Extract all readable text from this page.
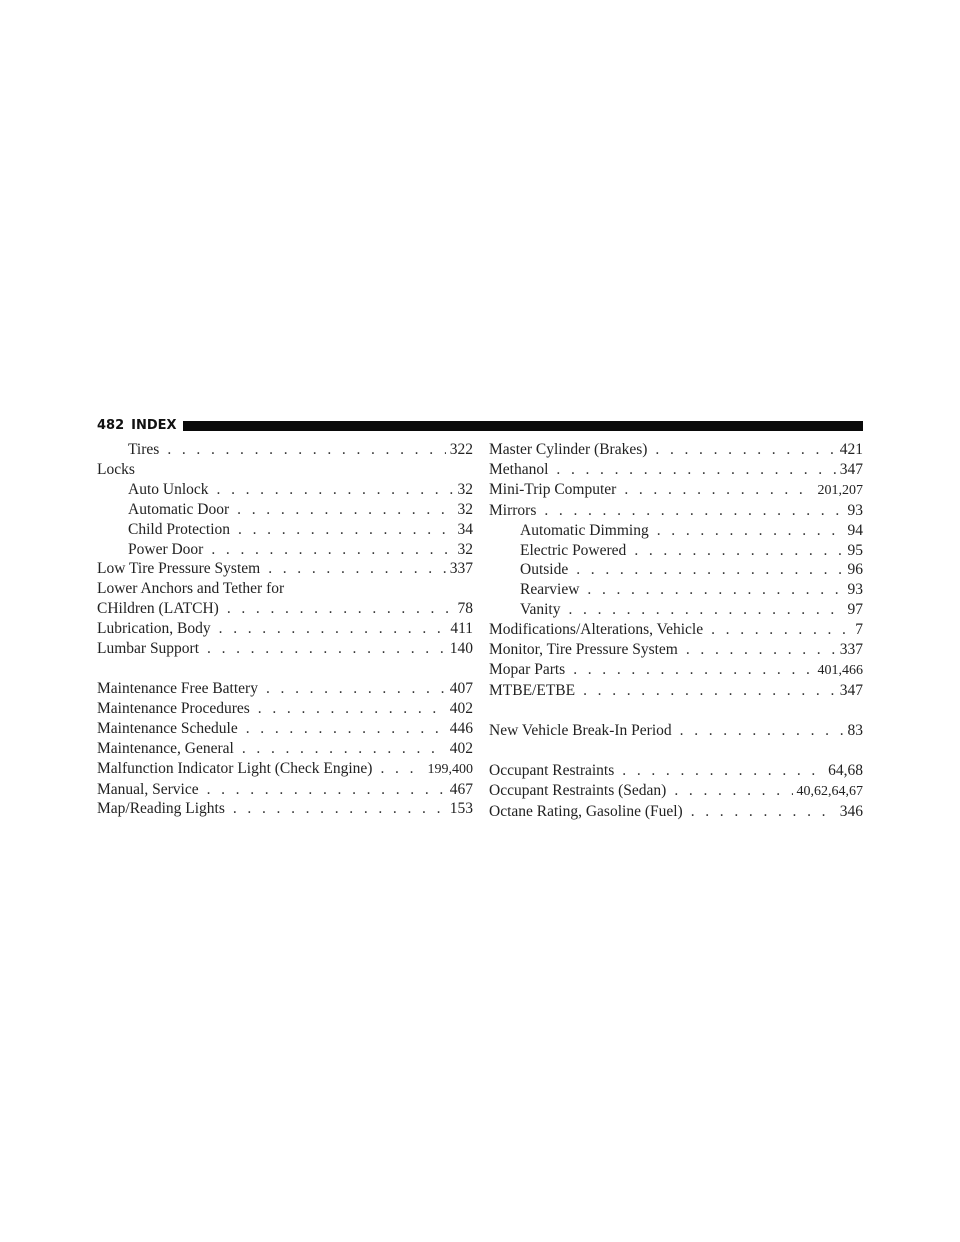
482 INDEX
Tires . . .	322
Locks
Auto Unlock . . .	32
Automatic Door . . .	32
Child Protection . . .	34
Power Door . . .	32
Low Tire Pressure System . . .	337
Lower Anchors and Tether for
CHildren (LATCH) . . .	78
Lubrication, Body . . .	411
Lumbar Support . . .	140
Maintenance Free Battery . . .	407
Maintenance Procedures . . .	402
Maintenance Schedule . . .	446
Maintenance, General . . .	402
Malfunction Indicator Light (Check Engine) . . .	199,400
Manual, Service . . .	467
Map/Reading Lights . . .	153
Master Cylinder (Brakes) . . .	421
Methanol . . .	347
Mini-Trip Computer . . .	201,207
Mirrors . . .	93
Automatic Dimming . . .	94
Electric Powered . . .	95
Outside . . .	96
Rearview . . .	93
Vanity . . .	97
Modifications/Alterations, Vehicle . . .	7
Monitor, Tire Pressure System . . .	337
Mopar Parts . . .	401,466
MTBE/ETBE . . .	347
New Vehicle Break-In Period . . .	83
Occupant Restraints . . .	64,68
Occupant Restraints (Sedan) . . .	40,62,64,67
Octane Rating, Gasoline (Fuel) . . .	346
